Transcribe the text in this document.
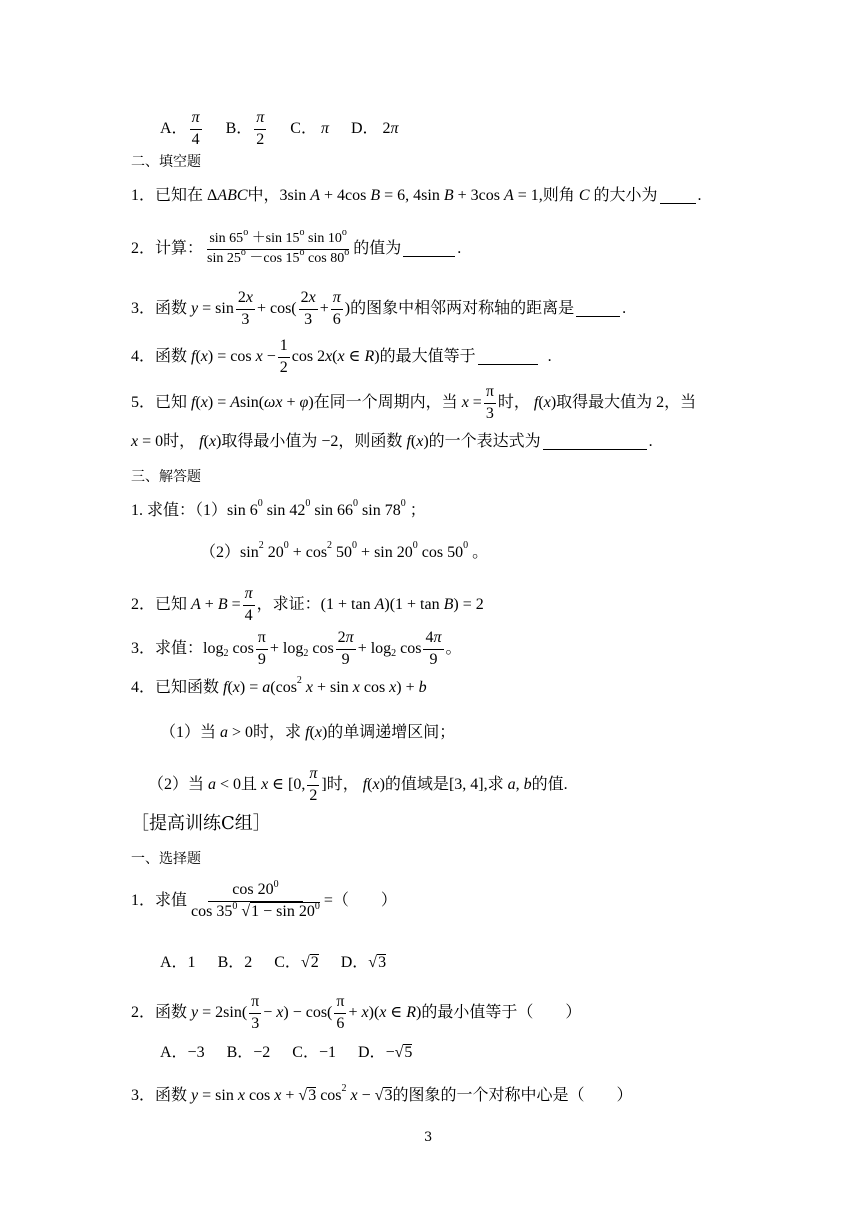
A． $\frac{\pi}{4}$ B． $\frac{\pi}{2}$ C．
π D． 2 π
二、填空题
1．已知在 Δ ABC 中， 3sin A + 4cos B = 6, 4sin B + 3cos A = 1, 则角
C
的大小为	.
2．计算： $\frac{\sin 65^o +\sin 15^o \sin 10^o}{\sin 25^o -\cos 15^o \cos 80^o}$ 的值为	.
3．函数
$y = \sin \frac{2x}{3} + \cos( \frac{2x}{3} + \frac{\pi}{6}$ ) 的图象中相邻两对称轴的距离是	.
4．函数
f ( x ) = $\cos x - \frac{1}{2}$ cos 2 x ( x ∈ R ) 的最大值等于	.
5．已知
f ( x ) = A sin( ωx + φ ) 在同一个周期内，当
$x = \frac{\pi}{3}$ 时，
f ( x ) 取得最大值为 2 ，当
x = 0 时，
f ( x ) 取得最小值为 −2 ，则函数
f ( x ) 的一个表达式为	.
三、解答题
1. 求值：（1） sin 6 0 sin 42 0 sin 66 0 sin 78 0 ；
（2） sin 2 20 0 + cos 2 50 0 + sin 20 0 cos 50 0 。
2．已知
$A + B = \frac{\pi}{4}$ ，求证： (1 + tan A )(1 + tan B ) = 2
3．求值： log 2 $\cos \frac{\pi}{9} + \log 2$ $\cos \frac{2\pi}{9} + \log 2$ $\cos \frac{4\pi}{9}$ 。
4．已知函数
f ( x ) = a (cos 2
x + sin x cos x ) + b
（1）当
a > 0 时，求
f ( x ) 的单调递增区间；
（2）当
a < 0 且
x ∈ [0, $\frac{\pi}{2}$ ] 时，
f ( x ) 的值域是 [3, 4], 求
a , b 的值.
［提高训练C组］
一、选择题
1．求值 $\frac{\cos 20^0}{\cos 35^0 √1 - \sin 20^0}$ = （　　）
A．1 B．2 C． √ 2 D． √ 3
2．函数
$y = 2\sin( \frac{\pi}{3} - x$ ) − $\cos( \frac{\pi}{6} + x$ )( x ∈ R ) 的最小值等于（　　）
A．−3 B．−2 C．−1 D． −√ 5
3．函数
y = sin x cos x + √ 3 cos 2
x − √ 3 的图象的一个对称中心是（　　）
3
